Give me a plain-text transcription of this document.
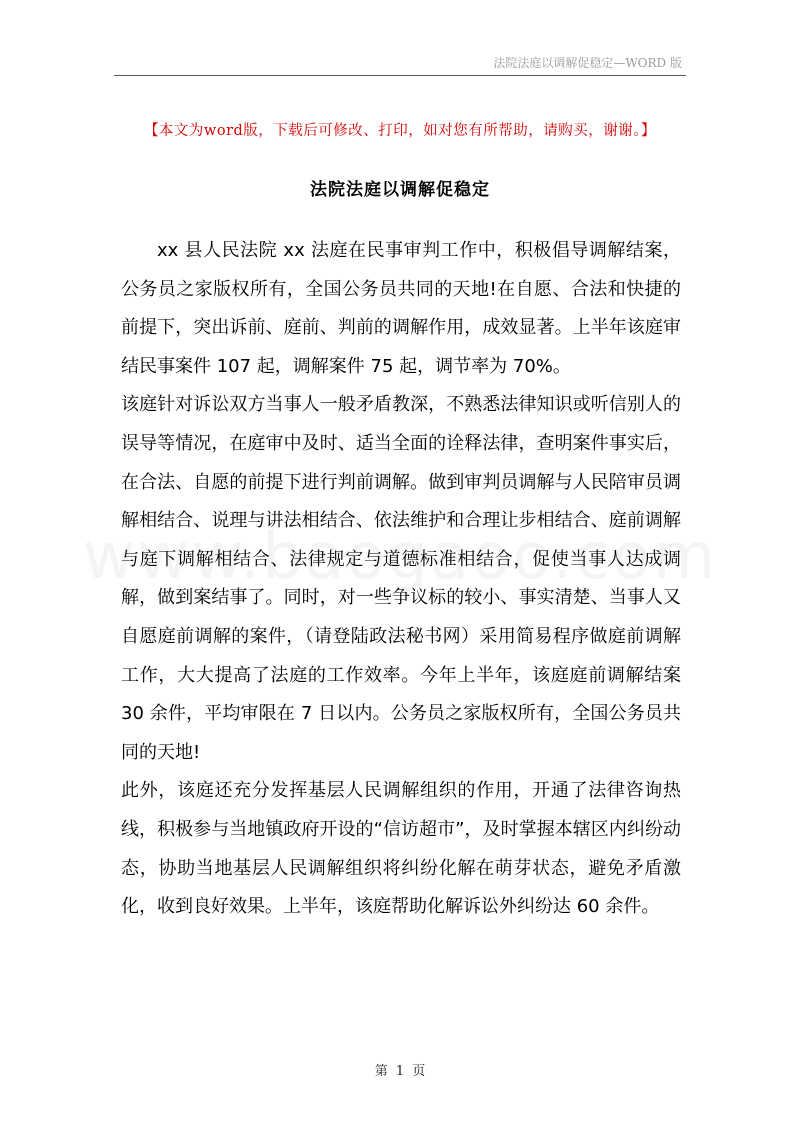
法院法庭以调解促稳定—WORD 版
【本文为word版，下载后可修改、打印，如对您有所帮助，请购买，谢谢。】
法院法庭以调解促稳定

xx 县人民法院 xx 法庭在民事审判工作中，积极倡导调解结案，公务员之家版权所有，全国公务员共同的天地!在自愿、合法和快捷的前提下，突出诉前、庭前、判前的调解作用，成效显著。上半年该庭审结民事案件 107 起，调解案件 75 起，调节率为 70%。

该庭针对诉讼双方当事人一般矛盾教深，不熟悉法律知识或听信别人的误导等情况，在庭审中及时、适当全面的诠释法律，查明案件事实后，在合法、自愿的前提下进行判前调解。做到审判员调解与人民陪审员调解相结合、说理与讲法相结合、依法维护和合理让步相结合、庭前调解与庭下调解相结合、法律规定与道德标准相结合，促使当事人达成调解，做到案结事了。同时，对一些争议标的较小、事实清楚、当事人又自愿庭前调解的案件，（请登陆政法秘书网）采用简易程序做庭前调解工作，大大提高了法庭的工作效率。今年上半年，该庭庭前调解结案 30 余件，平均审限在 7 日以内。公务员之家版权所有，全国公务员共同的天地!

此外，该庭还充分发挥基层人民调解组织的作用，开通了法律咨询热线，积极参与当地镇政府开设的“信访超市”，及时掌握本辖区内纠纷动态，协助当地基层人民调解组织将纠纷化解在萌芽状态，避免矛盾激化，收到良好效果。上半年，该庭帮助化解诉讼外纠纷达 60 余件。

第 1 页
